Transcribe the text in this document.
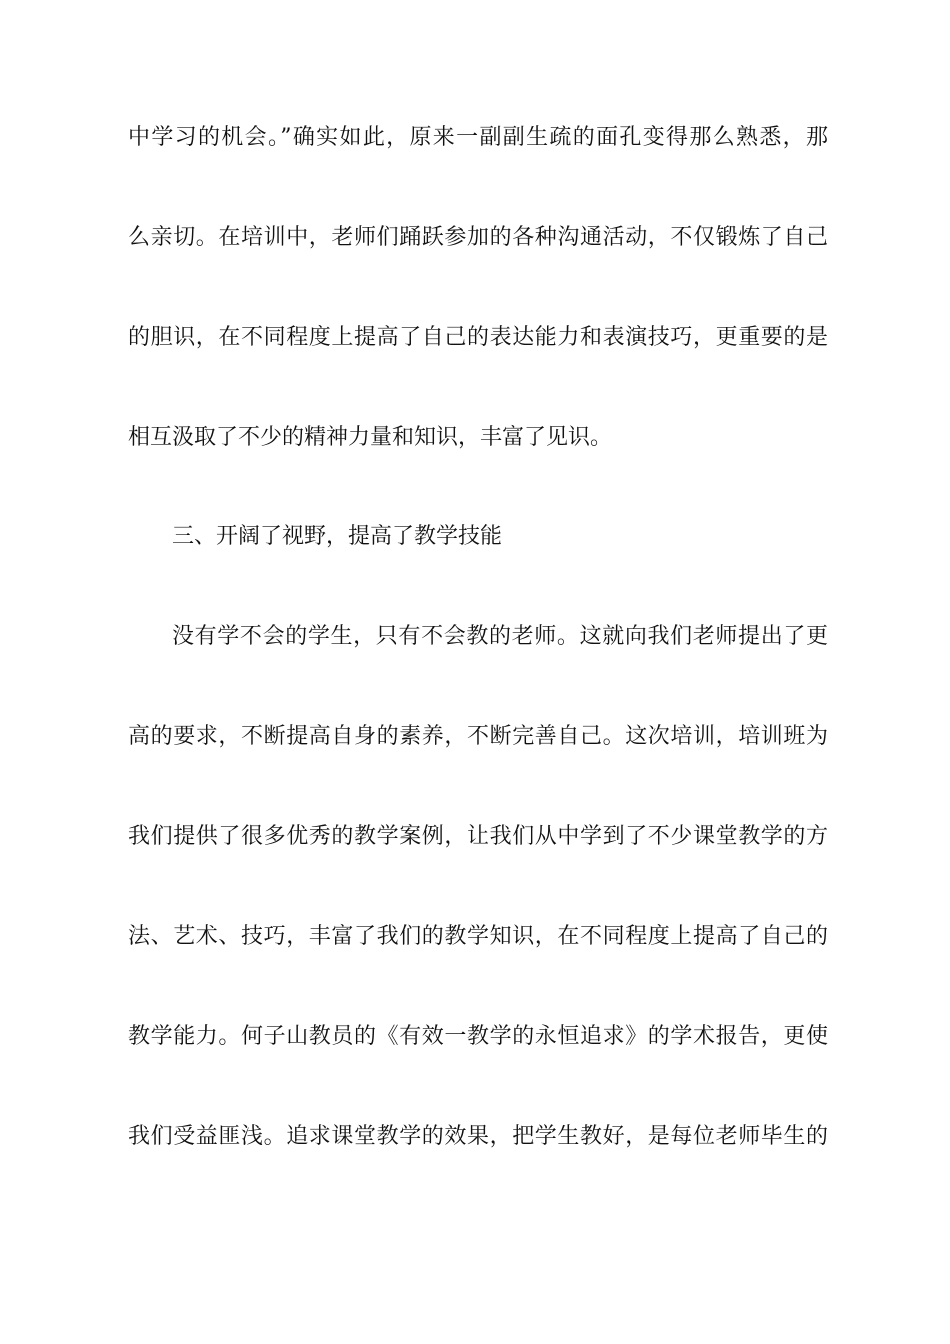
中学习的机会。”确实如此，原来一副副生疏的面孔变得那么熟悉，那
么亲切。在培训中，老师们踊跃参加的各种沟通活动，不仅锻炼了自己
的胆识，在不同程度上提高了自己的表达能力和表演技巧，更重要的是
相互汲取了不少的精神力量和知识，丰富了见识。
三、开阔了视野，提高了教学技能
没有学不会的学生，只有不会教的老师。这就向我们老师提出了更
高的要求，不断提高自身的素养，不断完善自己。这次培训，培训班为
我们提供了很多优秀的教学案例，让我们从中学到了不少课堂教学的方
法、艺术、技巧，丰富了我们的教学知识，在不同程度上提高了自己的
教学能力。何子山教员的《有效一教学的永恒追求》的学术报告，更使
我们受益匪浅。追求课堂教学的效果，把学生教好，是每位老师毕生的
